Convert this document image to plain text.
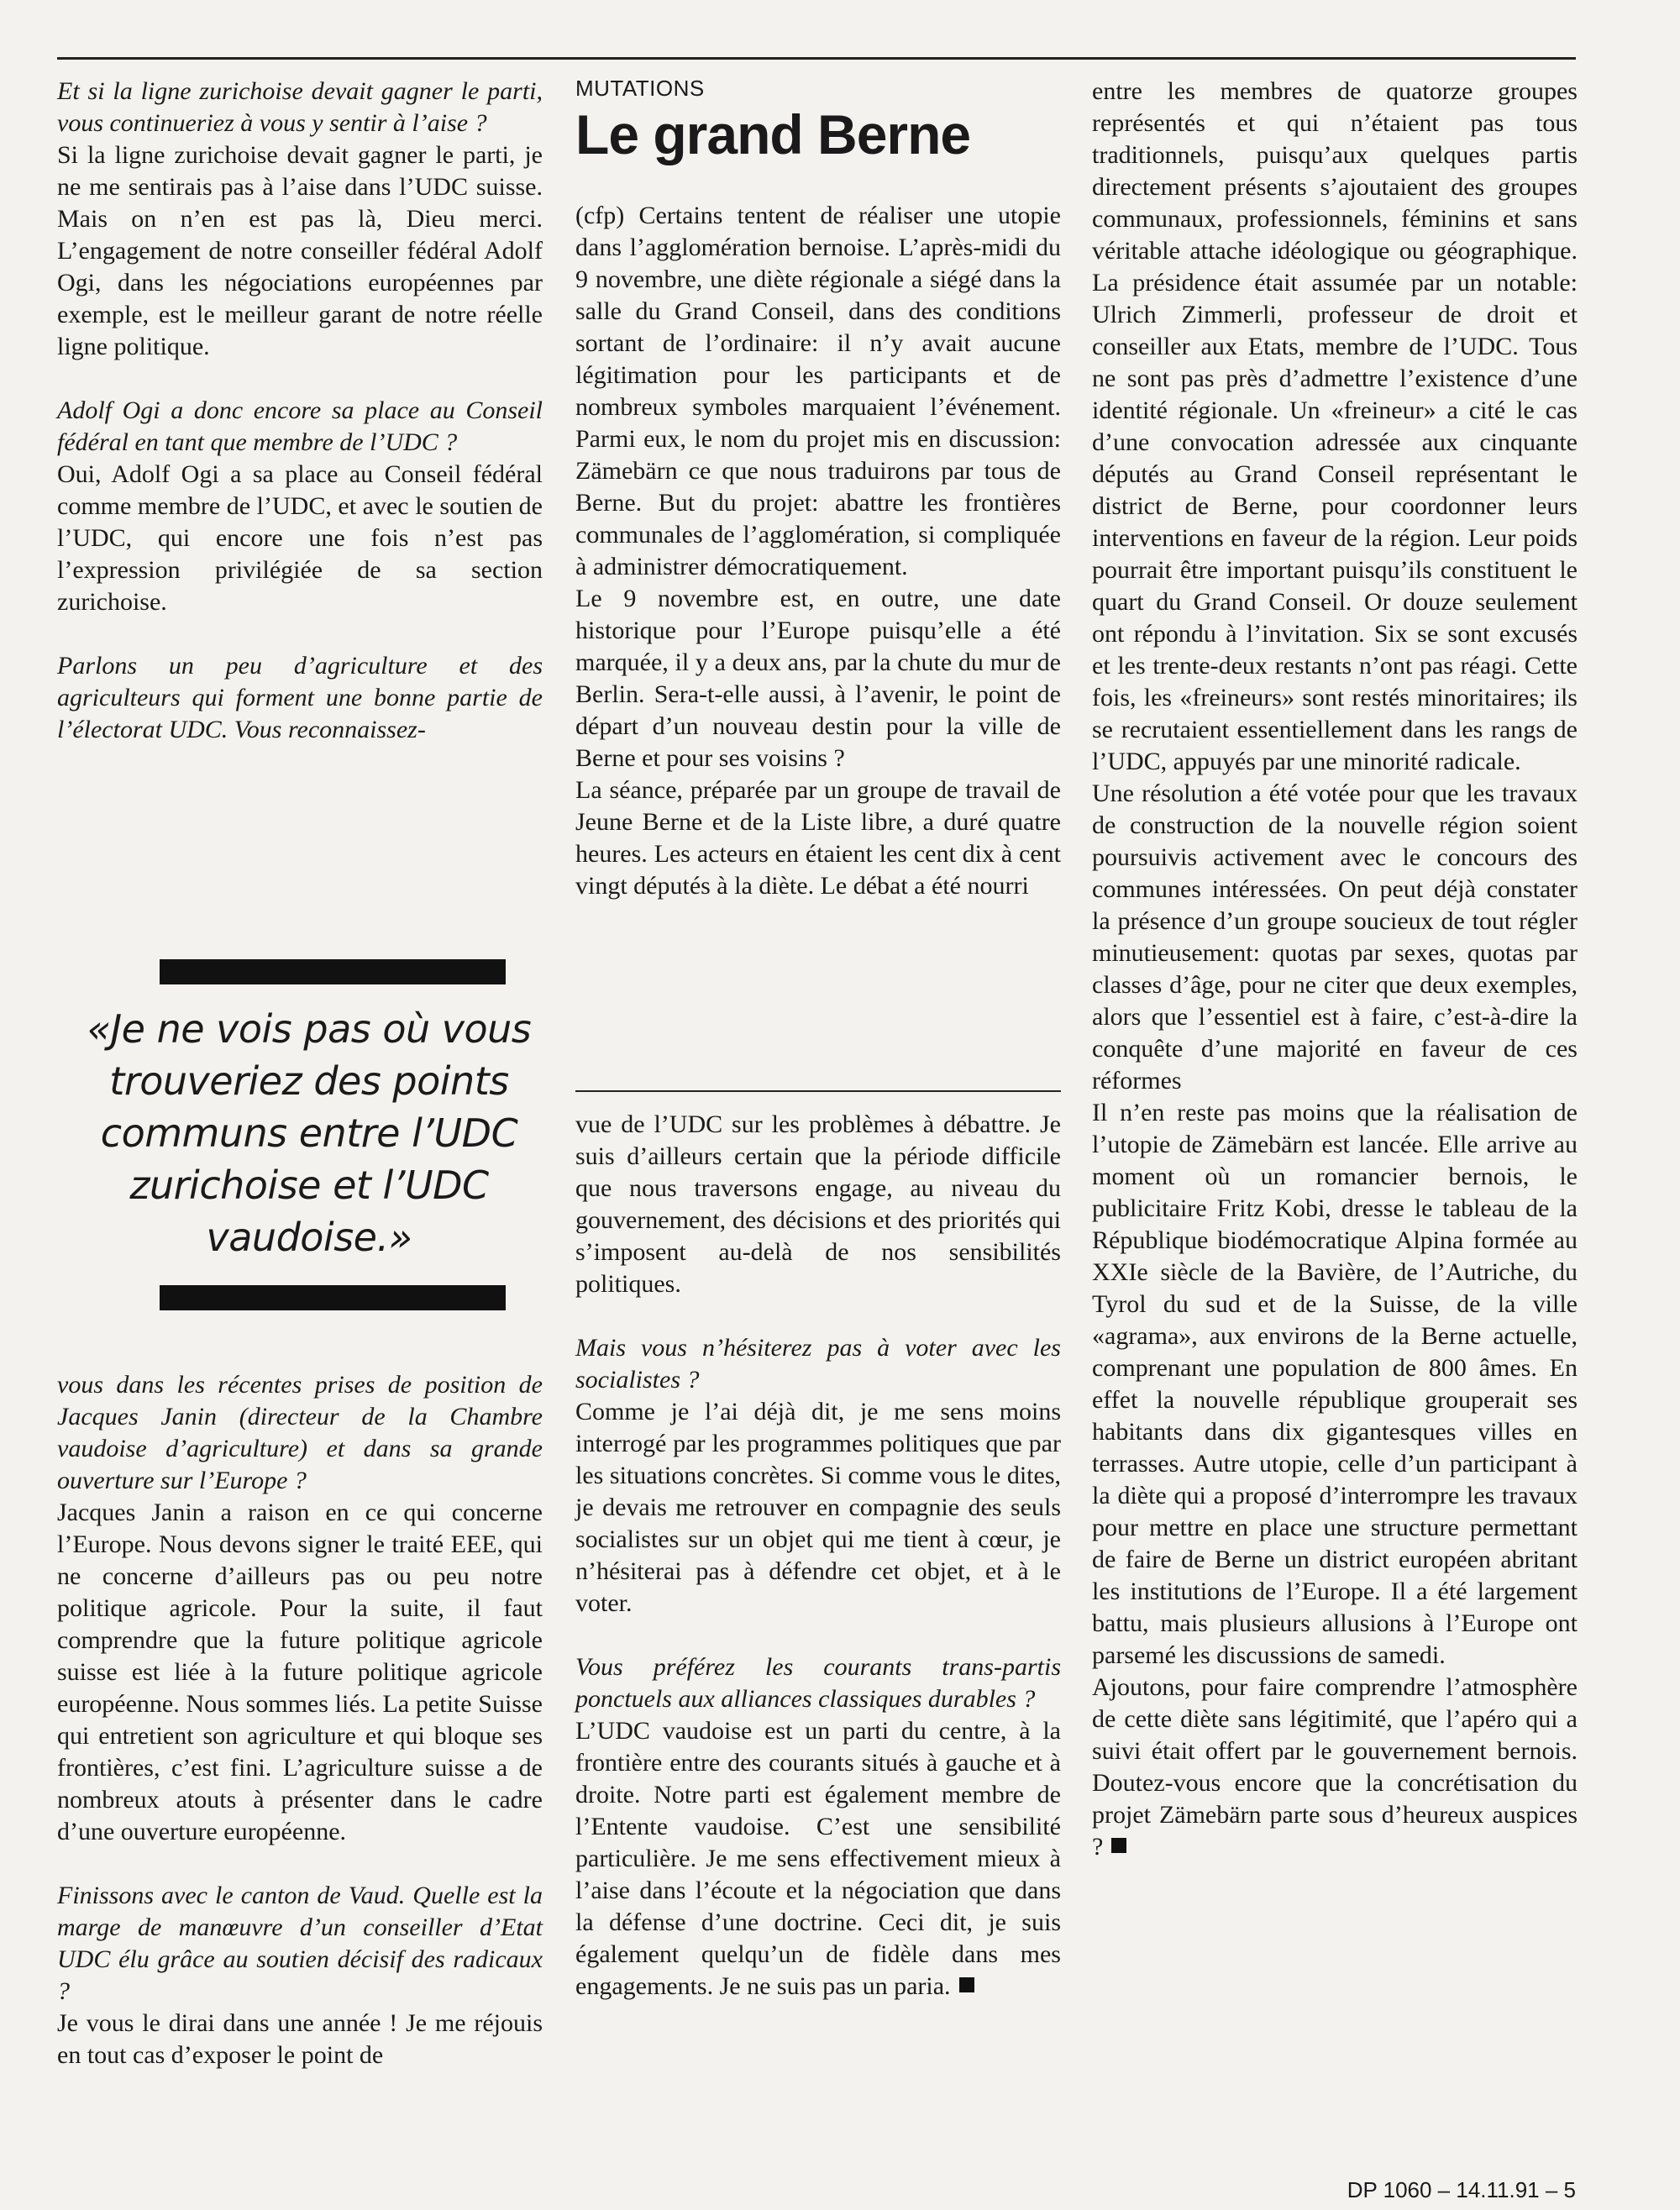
Et si la ligne zurichoise devait gagner le parti, vous continueriez à vous y sentir à l’aise ?

Si la ligne zurichoise devait gagner le parti, je ne me sentirais pas à l’aise dans l’UDC suisse. Mais on n’en est pas là, Dieu merci. L’engagement de notre conseiller fédéral Adolf Ogi, dans les négociations européennes par exemple, est le meilleur garant de notre réelle ligne politique.

Adolf Ogi a donc encore sa place au Conseil fédéral en tant que membre de l’UDC ?

Oui, Adolf Ogi a sa place au Conseil fédéral comme membre de l’UDC, et avec le soutien de l’UDC, qui encore une fois n’est pas l’expression privilégiée de sa section zurichoise.

Parlons un peu d’agriculture et des agriculteurs qui forment une bonne partie de l’électorat UDC. Vous reconnaissez-

«Je ne vois pas où vous trouveriez des points communs entre l’UDC zurichoise et l’UDC vaudoise.»

vous dans les récentes prises de position de Jacques Janin (directeur de la Chambre vaudoise d’agriculture) et dans sa grande ouverture sur l’Europe ?

Jacques Janin a raison en ce qui concerne l’Europe. Nous devons signer le traité EEE, qui ne concerne d’ailleurs pas ou peu notre politique agricole. Pour la suite, il faut comprendre que la future politique agricole suisse est liée à la future politique agricole européenne. Nous sommes liés. La petite Suisse qui entretient son agriculture et qui bloque ses frontières, c’est fini. L’agriculture suisse a de nombreux atouts à présenter dans le cadre d’une ouverture européenne.

Finissons avec le canton de Vaud. Quelle est la marge de manœuvre d’un conseiller d’Etat UDC élu grâce au soutien décisif des radicaux ?

Je vous le dirai dans une année ! Je me réjouis en tout cas d’exposer le point de

MUTATIONS

Le grand Berne

(cfp) Certains tentent de réaliser une utopie dans l’agglomération bernoise. L’après-midi du 9 novembre, une diète régionale a siégé dans la salle du Grand Conseil, dans des conditions sortant de l’ordinaire: il n’y avait aucune légitimation pour les participants et de nombreux symboles marquaient l’événement. Parmi eux, le nom du projet mis en discussion: Zämebärn ce que nous traduirons par tous de Berne. But du projet: abattre les frontières communales de l’agglomération, si compliquée à administrer démocratiquement.

Le 9 novembre est, en outre, une date historique pour l’Europe puisqu’elle a été marquée, il y a deux ans, par la chute du mur de Berlin. Sera-t-elle aussi, à l’avenir, le point de départ d’un nouveau destin pour la ville de Berne et pour ses voisins ?

La séance, préparée par un groupe de travail de Jeune Berne et de la Liste libre, a duré quatre heures. Les acteurs en étaient les cent dix à cent vingt députés à la diète. Le débat a été nourri

vue de l’UDC sur les problèmes à débattre. Je suis d’ailleurs certain que la période difficile que nous traversons engage, au niveau du gouvernement, des décisions et des priorités qui s’imposent au-delà de nos sensibilités politiques.

Mais vous n’hésiterez pas à voter avec les socialistes ?

Comme je l’ai déjà dit, je me sens moins interrogé par les programmes politiques que par les situations concrètes. Si comme vous le dites, je devais me retrouver en compagnie des seuls socialistes sur un objet qui me tient à cœur, je n’hésiterai pas à défendre cet objet, et à le voter.

Vous préférez les courants trans-partis ponctuels aux alliances classiques durables ?

L’UDC vaudoise est un parti du centre, à la frontière entre des courants situés à gauche et à droite. Notre parti est également membre de l’Entente vaudoise. C’est une sensibilité particulière. Je me sens effectivement mieux à l’aise dans l’écoute et la négociation que dans la défense d’une doctrine. Ceci dit, je suis également quelqu’un de fidèle dans mes engagements. Je ne suis pas un paria.

entre les membres de quatorze groupes représentés et qui n’étaient pas tous traditionnels, puisqu’aux quelques partis directement présents s’ajoutaient des groupes communaux, professionnels, féminins et sans véritable attache idéologique ou géographique. La présidence était assumée par un notable: Ulrich Zimmerli, professeur de droit et conseiller aux Etats, membre de l’UDC. Tous ne sont pas près d’admettre l’existence d’une identité régionale. Un «freineur» a cité le cas d’une convocation adressée aux cinquante députés au Grand Conseil représentant le district de Berne, pour coordonner leurs interventions en faveur de la région. Leur poids pourrait être important puisqu’ils constituent le quart du Grand Conseil. Or douze seulement ont répondu à l’invitation. Six se sont excusés et les trente-deux restants n’ont pas réagi. Cette fois, les «freineurs» sont restés minoritaires; ils se recrutaient essentiellement dans les rangs de l’UDC, appuyés par une minorité radicale.

Une résolution a été votée pour que les travaux de construction de la nouvelle région soient poursuivis activement avec le concours des communes intéressées. On peut déjà constater la présence d’un groupe soucieux de tout régler minutieusement: quotas par sexes, quotas par classes d’âge, pour ne citer que deux exemples, alors que l’essentiel est à faire, c’est-à-dire la conquête d’une majorité en faveur de ces réformes

Il n’en reste pas moins que la réalisation de l’utopie de Zämebärn est lancée. Elle arrive au moment où un romancier bernois, le publicitaire Fritz Kobi, dresse le tableau de la République biodémocratique Alpina formée au XXIe siècle de la Bavière, de l’Autriche, du Tyrol du sud et de la Suisse, de la ville «agrama», aux environs de la Berne actuelle, comprenant une population de 800 âmes. En effet la nouvelle république grouperait ses habitants dans dix gigantesques villes en terrasses. Autre utopie, celle d’un participant à la diète qui a proposé d’interrompre les travaux pour mettre en place une structure permettant de faire de Berne un district européen abritant les institutions de l’Europe. Il a été largement battu, mais plusieurs allusions à l’Europe ont parsemé les discussions de samedi.

Ajoutons, pour faire comprendre l’atmosphère de cette diète sans légitimité, que l’apéro qui a suivi était offert par le gouvernement bernois. Doutez-vous encore que la concrétisation du projet Zämebärn parte sous d’heureux auspices ?

DP 1060 – 14.11.91 – 5
